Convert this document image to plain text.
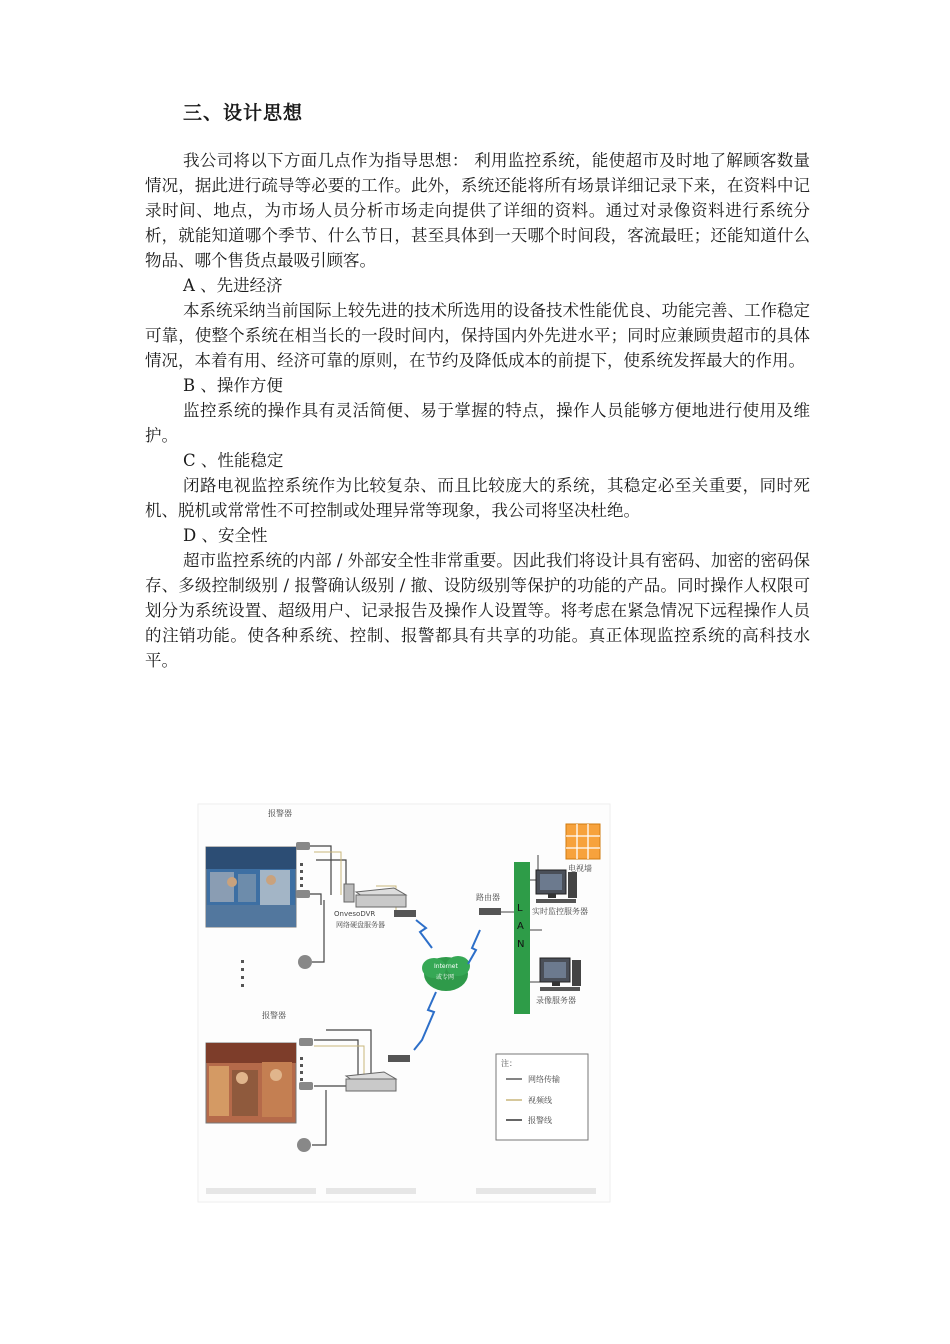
三、设计思想

我公司将以下方面几点作为指导思想： 利用监控系统，能使超市及时地了解顾客数量情况，据此进行疏导等必要的工作。此外，系统还能将所有场景详细记录下来，在资料中记录时间、地点，为市场人员分析市场走向提供了详细的资料。通过对录像资料进行系统分析，就能知道哪个季节、什么节日，甚至具体到一天哪个时间段，客流最旺；还能知道什么物品、哪个售货点最吸引顾客。

A 、先进经济

本系统采纳当前国际上较先进的技术所选用的设备技术性能优良、功能完善、工作稳定可靠，使整个系统在相当长的一段时间内，保持国内外先进水平；同时应兼顾贵超市的具体情况，本着有用、经济可靠的原则，在节约及降低成本的前提下，使系统发挥最大的作用。

B 、操作方便

监控系统的操作具有灵活简便、易于掌握的特点，操作人员能够方便地进行使用及维护。

C 、性能稳定

闭路电视监控系统作为比较复杂、而且比较庞大的系统，其稳定必至关重要，同时死机、脱机或常常性不可控制或处理异常等现象，我公司将坚决杜绝。

D 、安全性

超市监控系统的内部 / 外部安全性非常重要。因此我们将设计具有密码、加密的密码保存、多级控制级别 / 报警确认级别 / 撤、设防级别等保护的功能的产品。同时操作人权限可划分为系统设置、超级用户、记录报告及操作人设置等。将考虑在紧急情况下远程操作人员的注销功能。使各种系统、控制、报警都具有共享的功能。真正体现监控系统的高科技水平。

报警器
报警器
OnvesoDVR
网络硬盘服务器
路由器
Internet
或专网
LAN
电视墙
实时监控服务器
录像服务器
注：
网络传输
视频线
报警线
